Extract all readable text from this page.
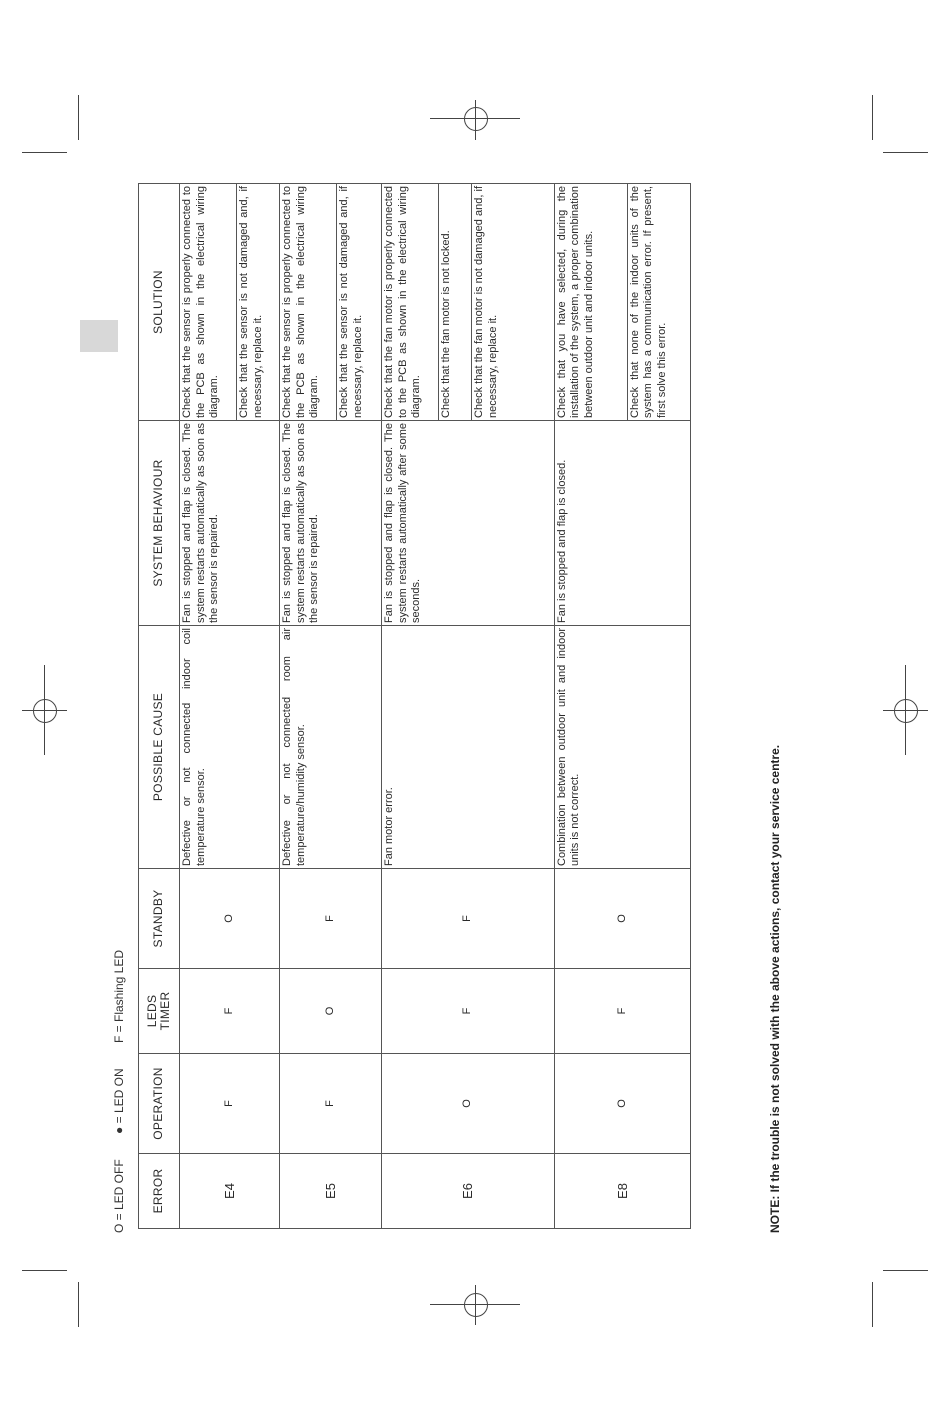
ERROR	OPERATION	LEDS TIMER	STANDBY	POSSIBLE CAUSE	SYSTEM BEHAVIOUR	SOLUTION
E4	F	F	O	Defective or not connected indoor coil temperature sensor.	Fan is stopped and flap is closed. The system restarts automatically as soon as the sensor is repaired.	Check that the sensor is properly connected to the PCB as shown in the electrical wiring diagram. Check that the sensor is not damaged and, if necessary, replace it.

E5	F	O	F	Defective or not connected room air temperature/humidity sensor.	Fan is stopped and flap is closed. The system restarts automatically as soon as the sensor is repaired.	Check that the sensor is properly connected to the PCB as shown in the electrical wiring diagram. Check that the sensor is not damaged and, if necessary, replace it.

E6	O	F	F	Fan motor error.	Fan is stopped and flap is closed. The system restarts automatically after some seconds.	Check that the fan motor is properly connected to the PCB as shown in the electrical wiring diagram. Check that the fan motor is not locked. Check that the fan motor is not damaged and, if necessary, replace it.

E8	O	F	O	Combination between outdoor unit and indoor units is not correct.	Fan is stopped and flap is closed.	Check that you have selected, during the installation of the system, a proper combination between outdoor unit and indoor units. Check that none of the indoor units of the system has a communication error. If present, first solve this error.
O = LED OFF ● = LED ON F = Flashing LED	NOTE: If the trouble is not solved with the above actions, contact your service centre.
